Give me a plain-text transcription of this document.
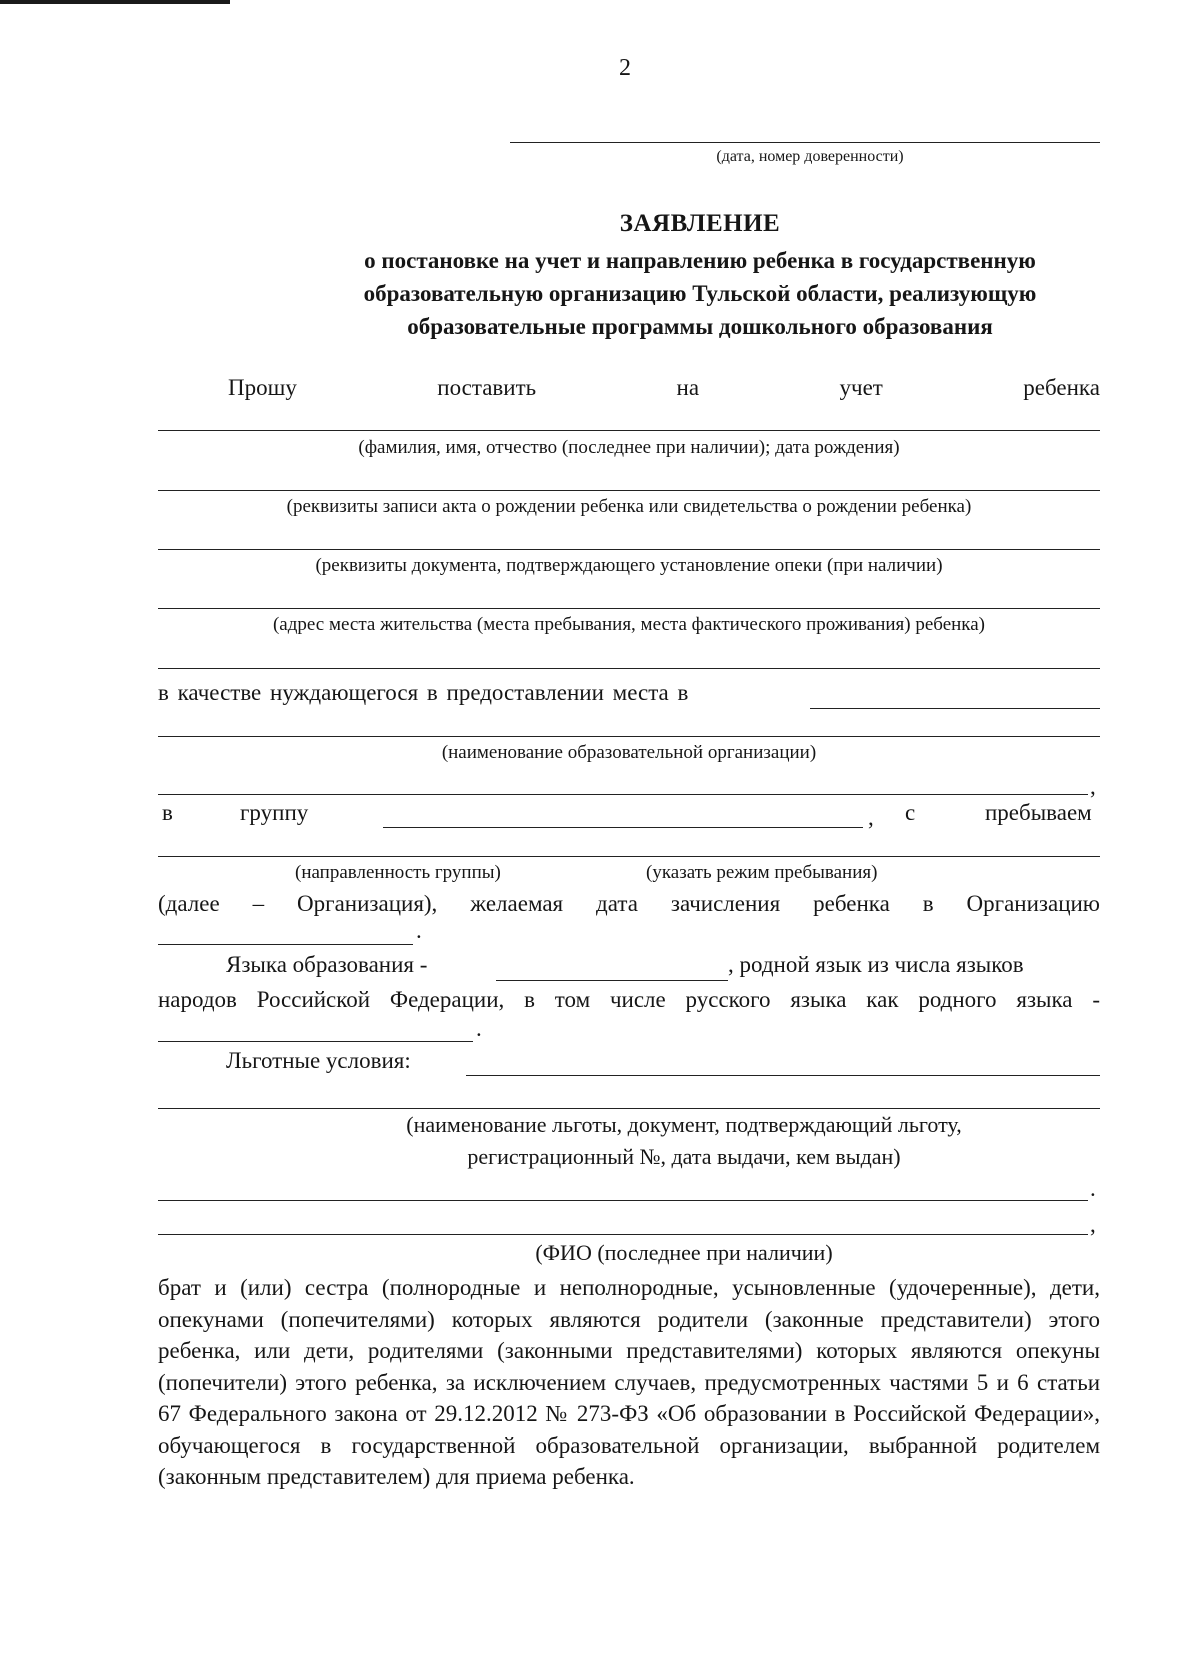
2
(дата, номер доверенности)
ЗАЯВЛЕНИЕ
о постановке на учет и направлению ребенка в государственную
образовательную организацию Тульской области, реализующую
образовательные программы дошкольного образования
Прошу	поставить	на	учет	ребенка
(фамилия, имя, отчество (последнее при наличии); дата рождения)
(реквизиты записи акта о рождении ребенка или свидетельства о рождении ребенка)
(реквизиты документа, подтверждающего установление опеки (при наличии)
(адрес места жительства (места пребывания, места фактического проживания) ребенка)
в качестве нуждающегося в предоставлении места в
(наименование образовательной организации)
,
в	группу	, с	пребываем
(направленность группы)	(указать режим пребывания)
(далее – Организация), желаемая дата зачисления ребенка в Организацию
.
Языка образования -	, родной язык из числа языков
народов Российской Федерации, в том числе русского языка как родного языка -
.
Льготные условия:
(наименование льготы, документ, подтверждающий льготу,
регистрационный №, дата выдачи, кем выдан)
.
,
(ФИО (последнее при наличии)
брат и (или) сестра (полнородные и неполнородные, усыновленные (удочеренные), дети, опекунами (попечителями) которых являются родители (законные представители) этого ребенка, или дети, родителями (законными представителями) которых являются опекуны (попечители) этого ребенка, за исключением случаев, предусмотренных частями 5 и 6 статьи 67 Федерального закона от 29.12.2012 № 273-ФЗ «Об образовании в Российской Федерации», обучающегося в государственной образовательной организации, выбранной родителем (законным представителем) для приема ребенка.
